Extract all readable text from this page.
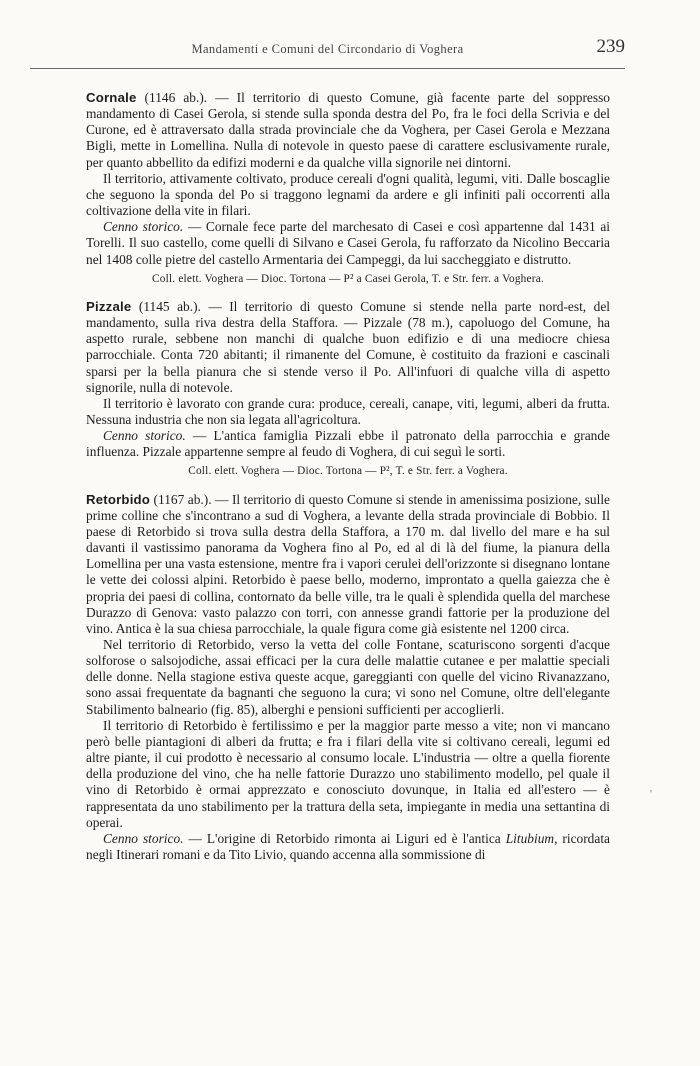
Mandamenti e Comuni del Circondario di Voghera	239

Cornale (1146 ab.). — Il territorio di questo Comune, già facente parte del soppresso mandamento di Casei Gerola, si stende sulla sponda destra del Po, fra le foci della Scrivia e del Curone, ed è attraversato dalla strada provinciale che da Voghera, per Casei Gerola e Mezzana Bigli, mette in Lomellina. Nulla di notevole in questo paese di carattere esclusivamente rurale, per quanto abbellito da edifizi moderni e da qualche villa signorile nei dintorni.

Il territorio, attivamente coltivato, produce cereali d'ogni qualità, legumi, viti. Dalle boscaglie che seguono la sponda del Po si traggono legnami da ardere e gli infiniti pali occorrenti alla coltivazione della vite in filari.

Cenno storico. — Cornale fece parte del marchesato di Casei e così appartenne dal 1431 ai Torelli. Il suo castello, come quelli di Silvano e Casei Gerola, fu rafforzato da Nicolino Beccaria nel 1408 colle pietre del castello Armentaria dei Campeggi, da lui saccheggiato e distrutto.

Coll. elett. Voghera — Dioc. Tortona — P² a Casei Gerola, T. e Str. ferr. a Voghera.

Pizzale (1145 ab.). — Il territorio di questo Comune si stende nella parte nord-est, del mandamento, sulla riva destra della Staffora. — Pizzale (78 m.), capoluogo del Comune, ha aspetto rurale, sebbene non manchi di qualche buon edifizio e di una mediocre chiesa parrocchiale. Conta 720 abitanti; il rimanente del Comune, è costituito da frazioni e cascinali sparsi per la bella pianura che si stende verso il Po. All'infuori di qualche villa di aspetto signorile, nulla di notevole.

Il territorio è lavorato con grande cura: produce, cereali, canape, viti, legumi, alberi da frutta. Nessuna industria che non sia legata all'agricoltura.

Cenno storico. — L'antica famiglia Pizzali ebbe il patronato della parrocchia e grande influenza. Pizzale appartenne sempre al feudo di Voghera, di cui seguì le sorti.

Coll. elett. Voghera — Dioc. Tortona — P², T. e Str. ferr. a Voghera.

Retorbido (1167 ab.). — Il territorio di questo Comune si stende in amenissima posizione, sulle prime colline che s'incontrano a sud di Voghera, a levante della strada provinciale di Bobbio. Il paese di Retorbido si trova sulla destra della Staffora, a 170 m. dal livello del mare e ha sul davanti il vastissimo panorama da Voghera fino al Po, ed al di là del fiume, la pianura della Lomellina per una vasta estensione, mentre fra i vapori cerulei dell'orizzonte si disegnano lontane le vette dei colossi alpini. Retorbido è paese bello, moderno, improntato a quella gaiezza che è propria dei paesi di collina, contornato da belle ville, tra le quali è splendida quella del marchese Durazzo di Genova: vasto palazzo con torri, con annesse grandi fattorie per la produzione del vino. Antica è la sua chiesa parrocchiale, la quale figura come già esistente nel 1200 circa.

Nel territorio di Retorbido, verso la vetta del colle Fontane, scaturiscono sorgenti d'acque solforose o salsojodiche, assai efficaci per la cura delle malattie cutanee e per malattie speciali delle donne. Nella stagione estiva queste acque, gareggianti con quelle del vicino Rivanazzano, sono assai frequentate da bagnanti che seguono la cura; vi sono nel Comune, oltre dell'elegante Stabilimento balneario (fig. 85), alberghi e pensioni sufficienti per accoglierli.

Il territorio di Retorbido è fertilissimo e per la maggior parte messo a vite; non vi mancano però belle piantagioni di alberi da frutta; e fra i filari della vite si coltivano cereali, legumi ed altre piante, il cui prodotto è necessario al consumo locale. L'industria — oltre a quella fiorente della produzione del vino, che ha nelle fattorie Durazzo uno stabilimento modello, pel quale il vino di Retorbido è ormai apprezzato e conosciuto dovunque, in Italia ed all'estero — è rappresentata da uno stabilimento per la trattura della seta, impiegante in media una settantina di operai.

Cenno storico. — L'origine di Retorbido rimonta ai Liguri ed è l'antica Litubium, ricordata negli Itinerari romani e da Tito Livio, quando accenna alla sommissione di

'
